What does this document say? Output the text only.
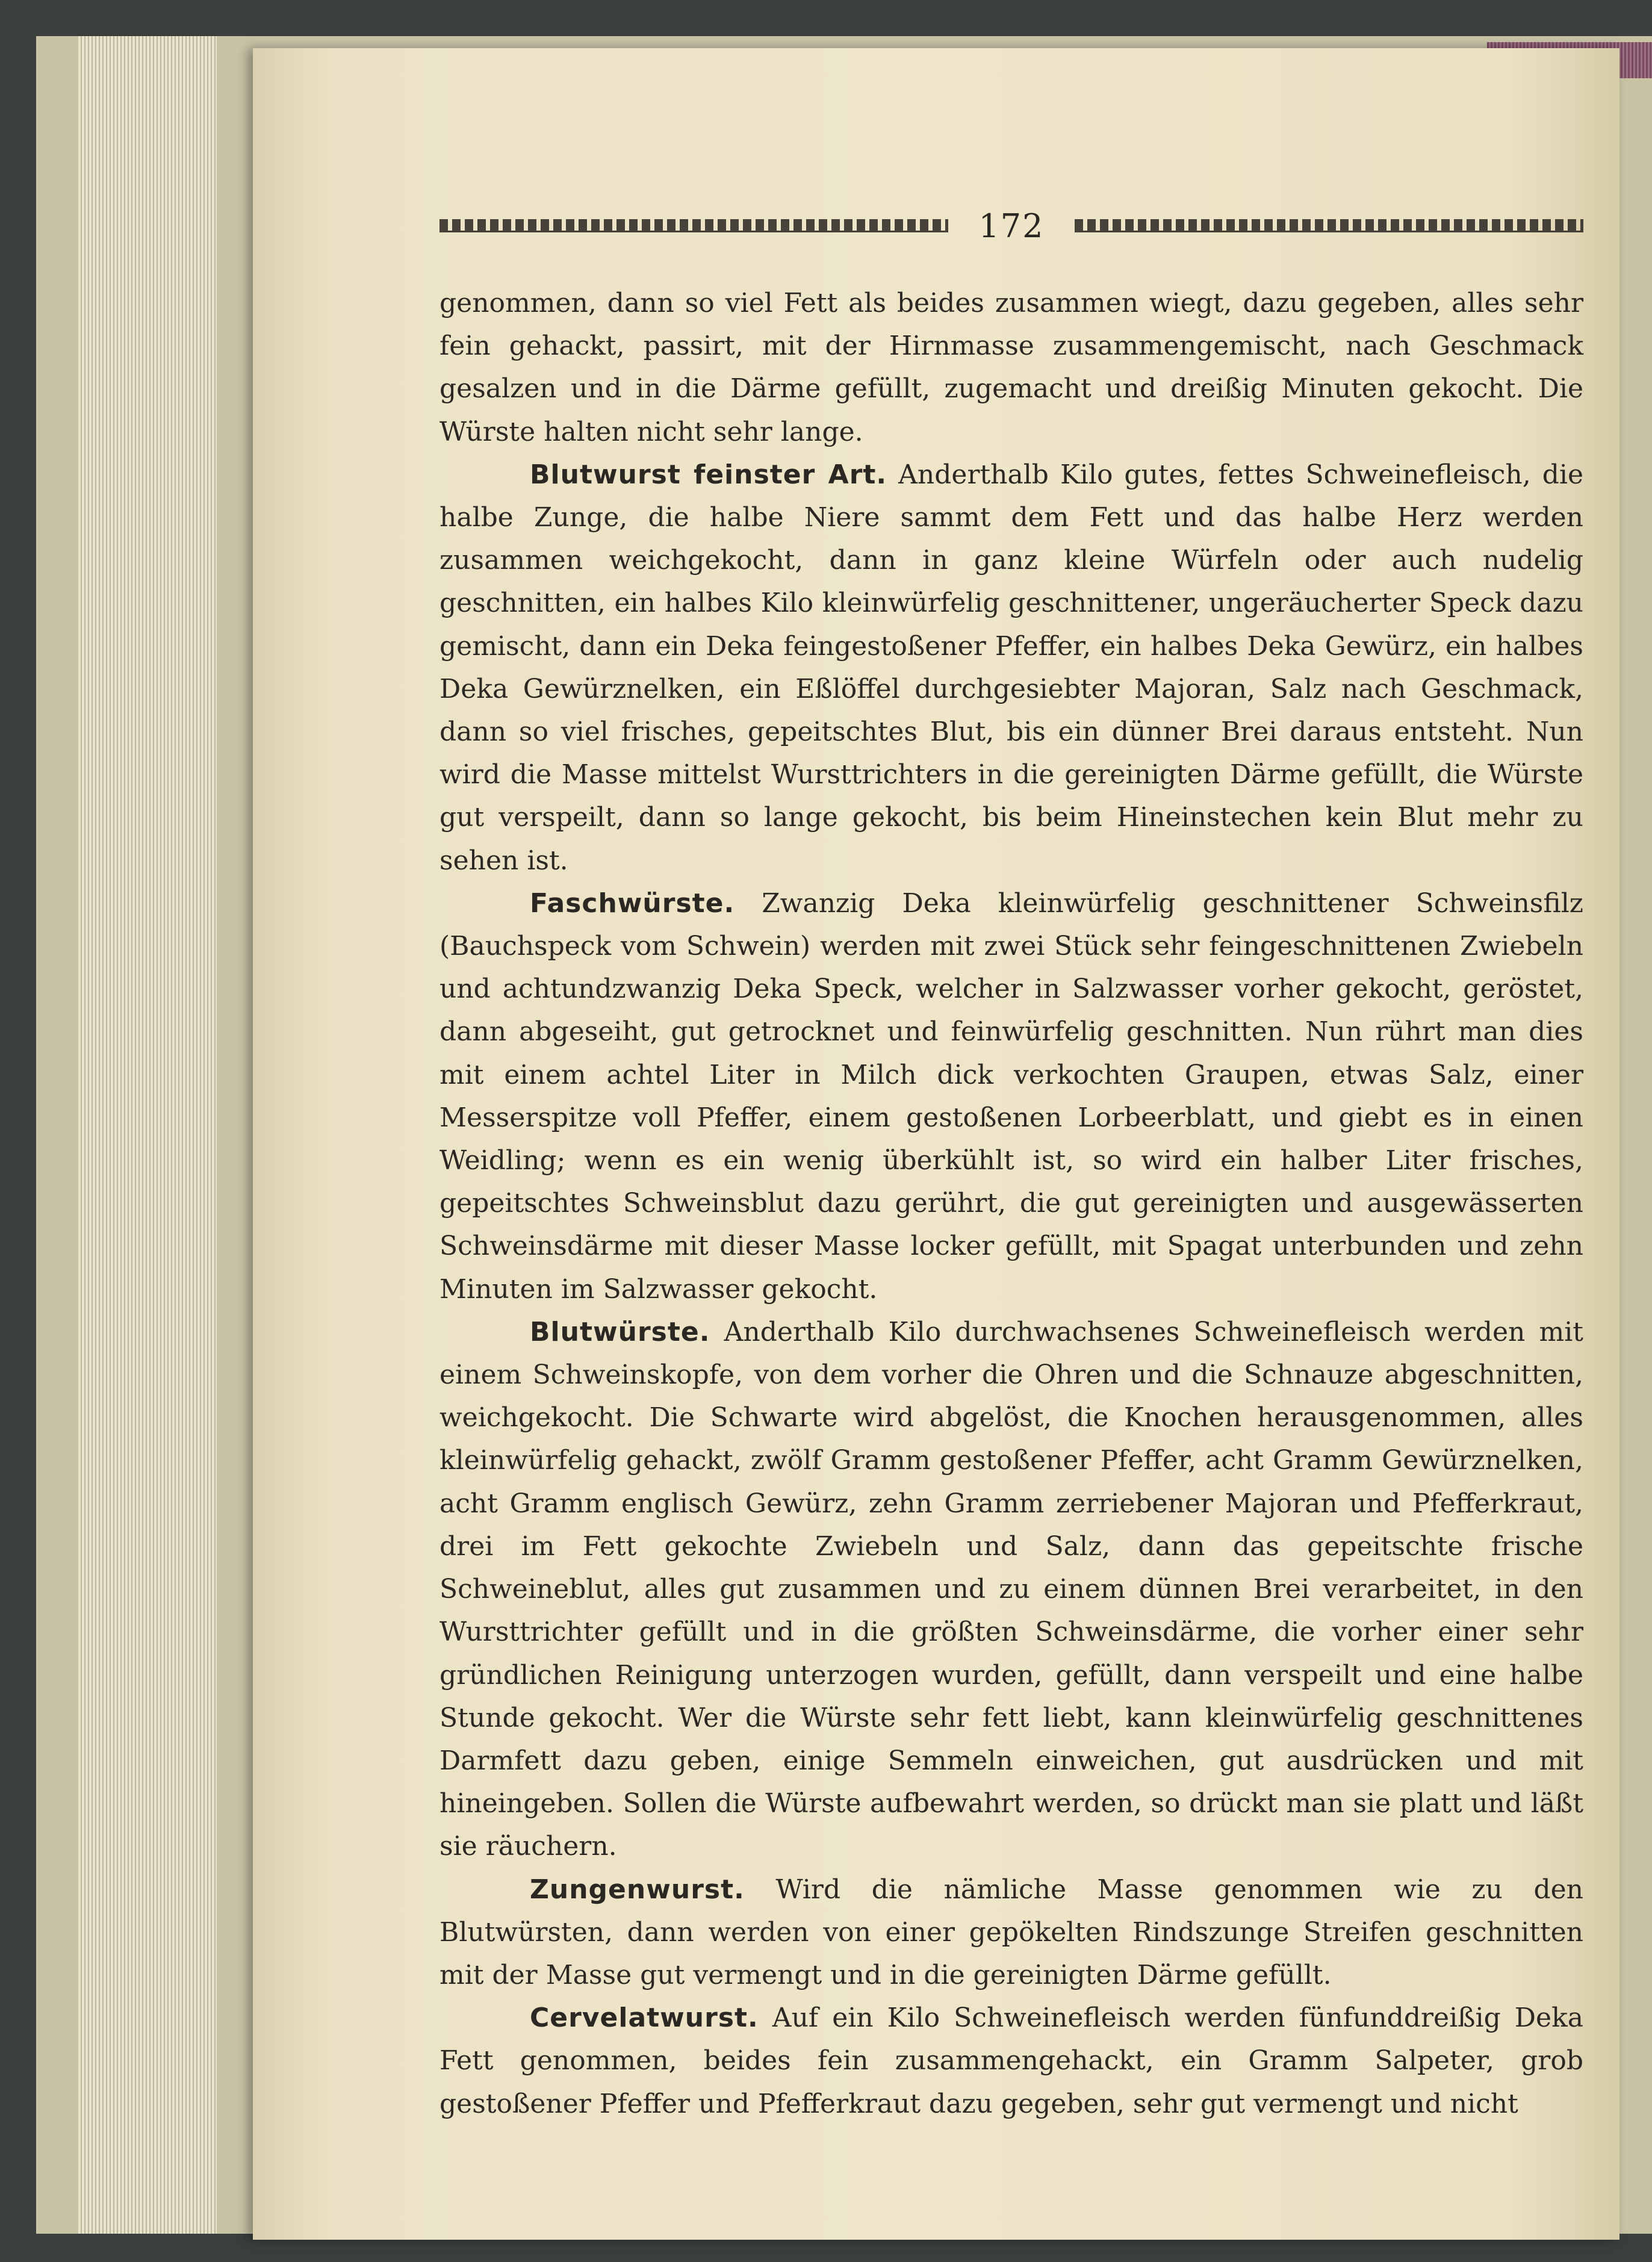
172

genommen, dann so viel Fett als beides zusammen wiegt, dazu gegeben, alles sehr fein gehackt, passirt, mit der Hirnmasse zusammengemischt, nach Geschmack gesalzen und in die Därme gefüllt, zugemacht und dreißig Minuten gekocht. Die Würste halten nicht sehr lange.

Blutwurst feinster Art. Anderthalb Kilo gutes, fettes Schweinefleisch, die halbe Zunge, die halbe Niere sammt dem Fett und das halbe Herz werden zusammen weichgekocht, dann in ganz kleine Würfeln oder auch nudelig geschnitten, ein halbes Kilo kleinwürfelig geschnittener, ungeräucherter Speck dazu gemischt, dann ein Deka feingestoßener Pfeffer, ein halbes Deka Gewürz, ein halbes Deka Gewürznelken, ein Eßlöffel durchgesiebter Majoran, Salz nach Geschmack, dann so viel frisches, gepeitschtes Blut, bis ein dünner Brei daraus entsteht. Nun wird die Masse mittelst Wursttrichters in die gereinigten Därme gefüllt, die Würste gut verspeilt, dann so lange gekocht, bis beim Hineinstechen kein Blut mehr zu sehen ist.

Faschwürste. Zwanzig Deka kleinwürfelig geschnittener Schweinsfilz (Bauchspeck vom Schwein) werden mit zwei Stück sehr feingeschnittenen Zwiebeln und achtundzwanzig Deka Speck, welcher in Salzwasser vorher gekocht, geröstet, dann abgeseiht, gut getrocknet und feinwürfelig geschnitten. Nun rührt man dies mit einem achtel Liter in Milch dick verkochten Graupen, etwas Salz, einer Messerspitze voll Pfeffer, einem gestoßenen Lorbeerblatt, und giebt es in einen Weidling; wenn es ein wenig überkühlt ist, so wird ein halber Liter frisches, gepeitschtes Schweinsblut dazu gerührt, die gut gereinigten und ausgewässerten Schweinsdärme mit dieser Masse locker gefüllt, mit Spagat unterbunden und zehn Minuten im Salzwasser gekocht.

Blutwürste. Anderthalb Kilo durchwachsenes Schweinefleisch werden mit einem Schweinskopfe, von dem vorher die Ohren und die Schnauze abgeschnitten, weichgekocht. Die Schwarte wird abgelöst, die Knochen herausgenommen, alles kleinwürfelig gehackt, zwölf Gramm gestoßener Pfeffer, acht Gramm Gewürznelken, acht Gramm englisch Gewürz, zehn Gramm zerriebener Majoran und Pfefferkraut, drei im Fett gekochte Zwiebeln und Salz, dann das gepeitschte frische Schweineblut, alles gut zusammen und zu einem dünnen Brei verarbeitet, in den Wursttrichter gefüllt und in die größten Schweinsdärme, die vorher einer sehr gründlichen Reinigung unterzogen wurden, gefüllt, dann verspeilt und eine halbe Stunde gekocht. Wer die Würste sehr fett liebt, kann kleinwürfelig geschnittenes Darmfett dazu geben, einige Semmeln einweichen, gut ausdrücken und mit hineingeben. Sollen die Würste aufbewahrt werden, so drückt man sie platt und läßt sie räuchern.

Zungenwurst. Wird die nämliche Masse genommen wie zu den Blutwürsten, dann werden von einer gepökelten Rindszunge Streifen geschnitten mit der Masse gut vermengt und in die gereinigten Därme gefüllt.

Cervelatwurst. Auf ein Kilo Schweinefleisch werden fünfunddreißig Deka Fett genommen, beides fein zusammengehackt, ein Gramm Salpeter, grob gestoßener Pfeffer und Pfefferkraut dazu gegeben, sehr gut vermengt und nicht
